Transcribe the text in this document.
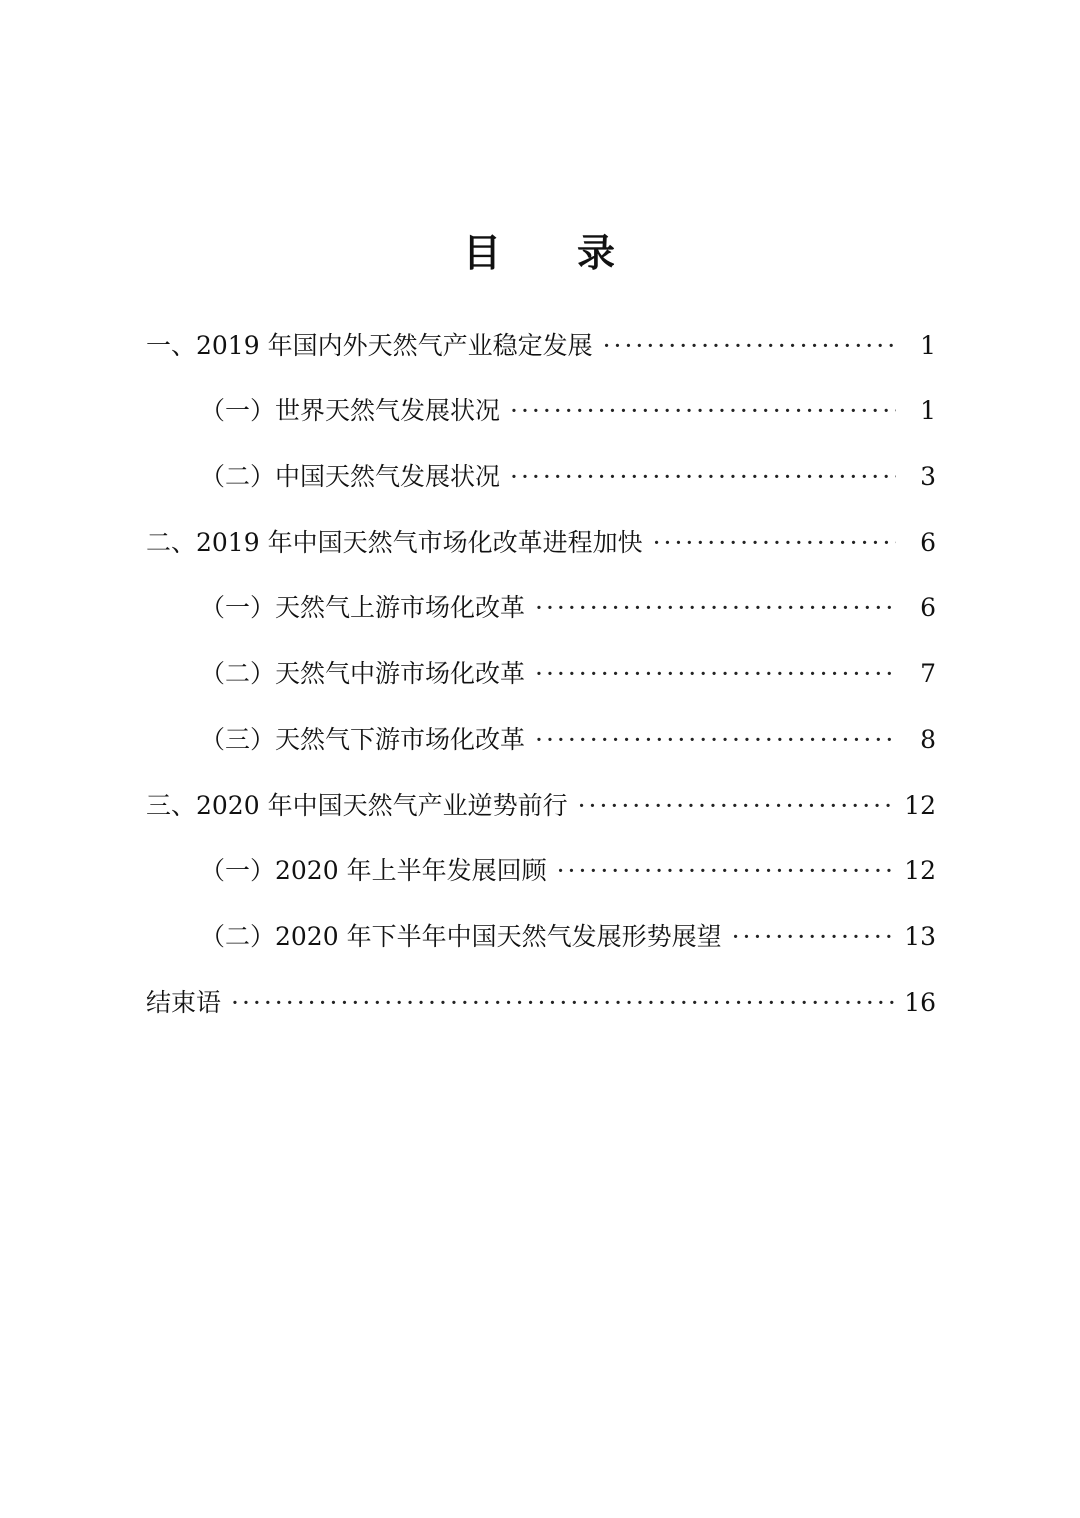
目 录
一、2019 年国内外天然气产业稳定发展 ·····	1
（一）世界天然气发展状况 ·····	1
（二）中国天然气发展状况 ·····	3
二、2019 年中国天然气市场化改革进程加快 ·····	6
（一）天然气上游市场化改革 ·····	6
（二）天然气中游市场化改革 ·····	7
（三）天然气下游市场化改革 ·····	8
三、2020 年中国天然气产业逆势前行 ·····	12
（一）2020 年上半年发展回顾 ·····	12
（二）2020 年下半年中国天然气发展形势展望 ·····	13
结束语 ·····	16
